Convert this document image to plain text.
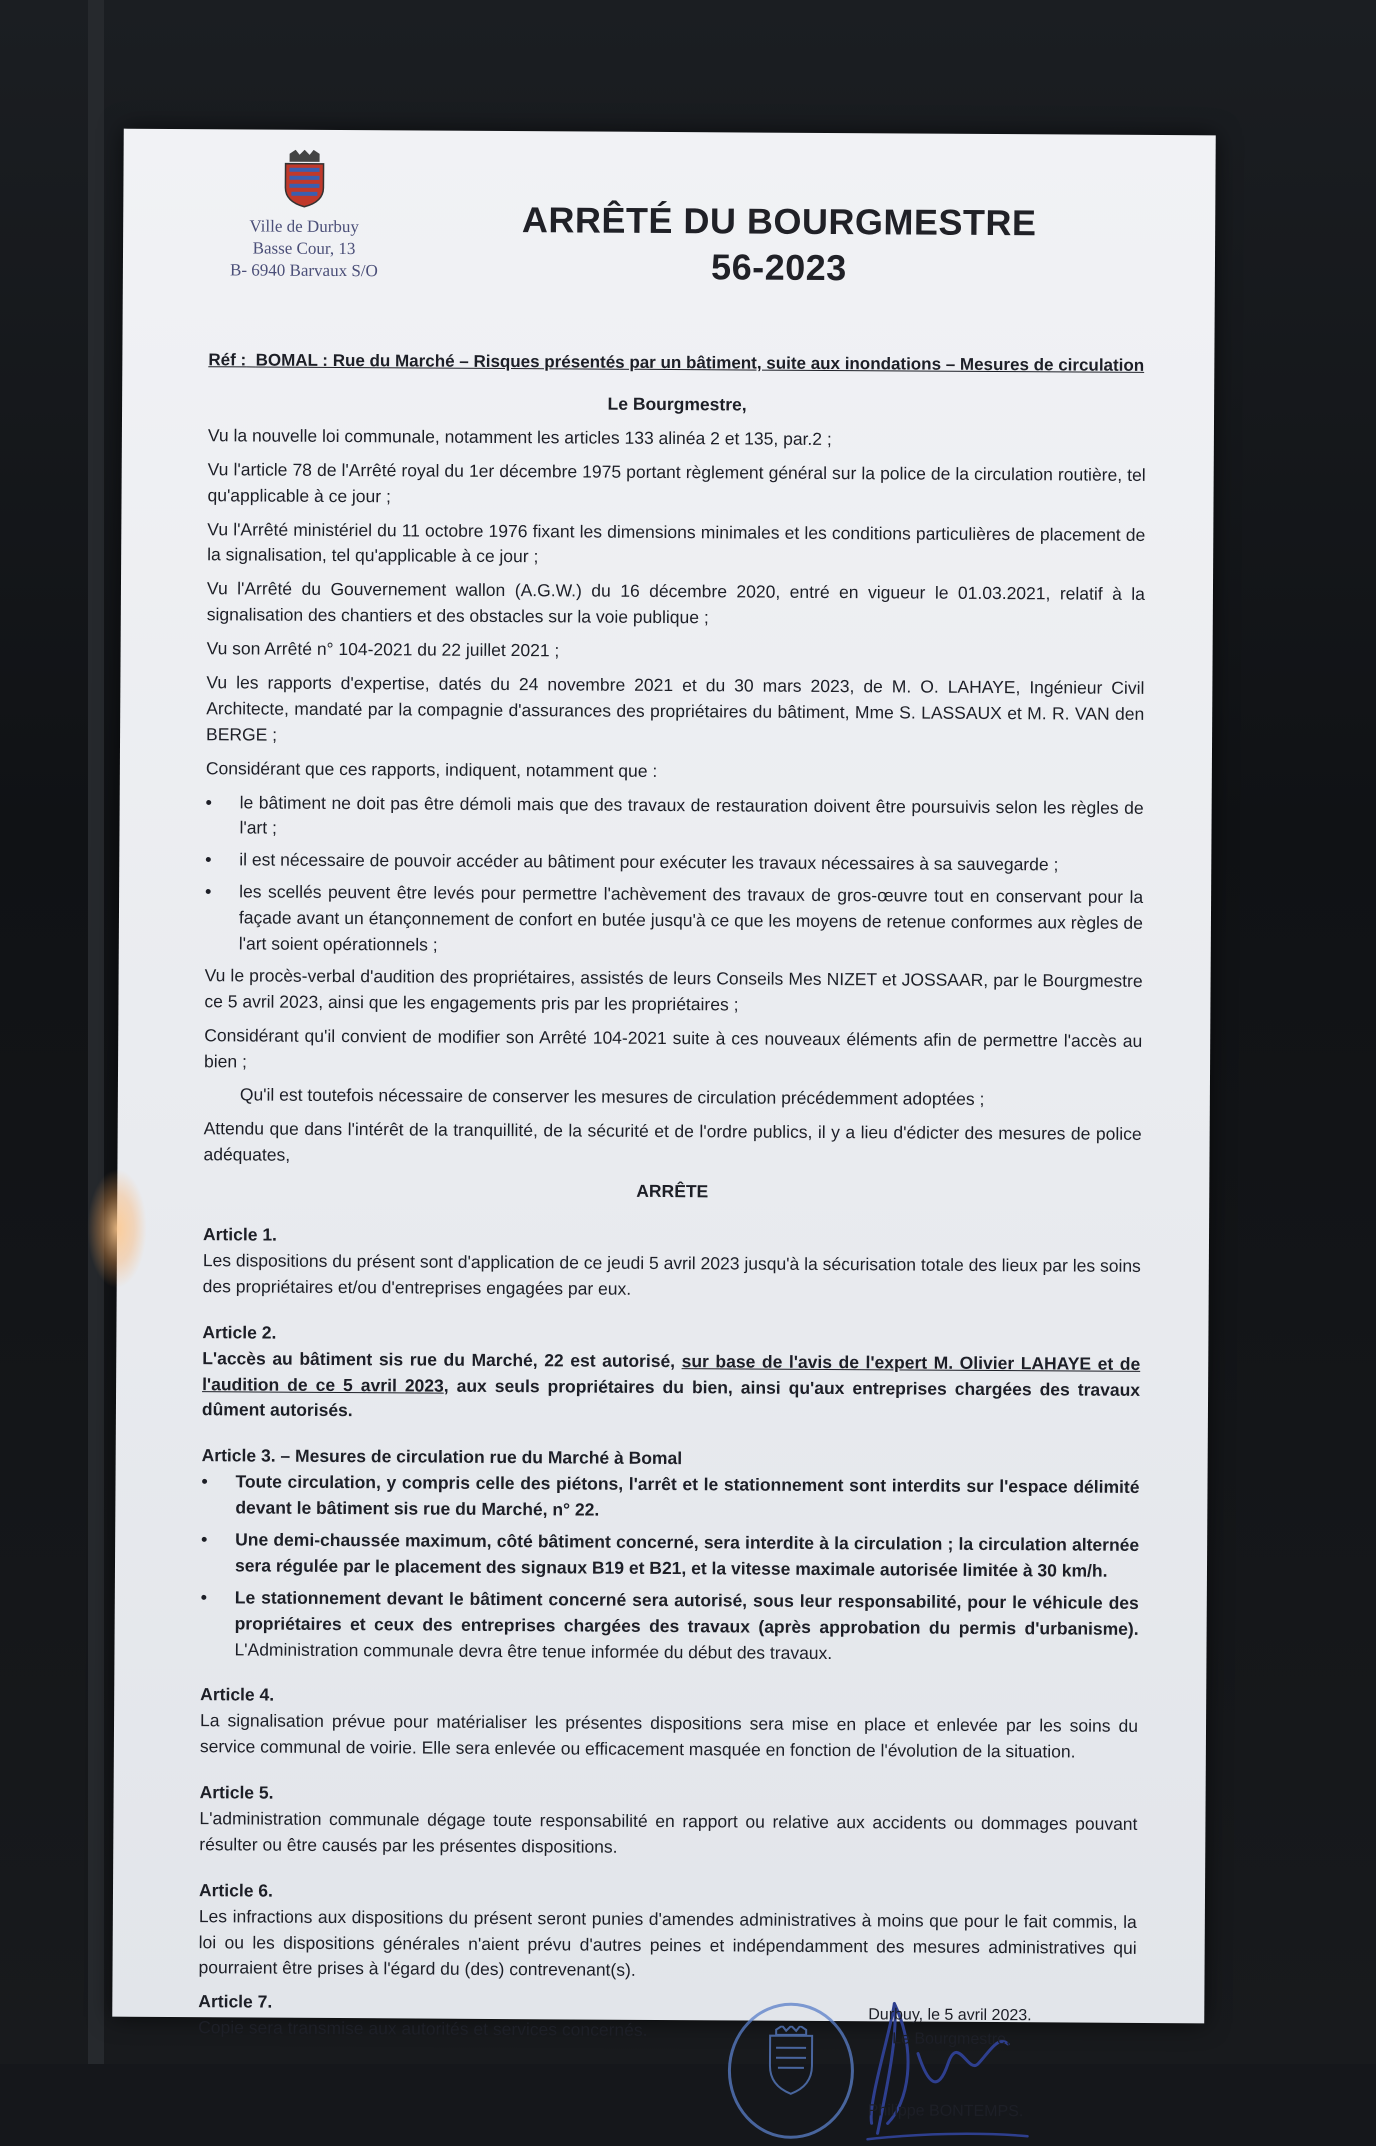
Ville de Durbuy
Basse Cour, 13
B- 6940 Barvaux S/O
ARRÊTÉ DU BOURGMESTRE
56-2023
Réf : BOMAL : Rue du Marché – Risques présentés par un bâtiment, suite aux inondations – Mesures de circulation
Le Bourgmestre,

Vu la nouvelle loi communale, notamment les articles 133 alinéa 2 et 135, par.2 ;

Vu l'article 78 de l'Arrêté royal du 1er décembre 1975 portant règlement général sur la police de la circulation routière, tel qu'applicable à ce jour ;

Vu l'Arrêté ministériel du 11 octobre 1976 fixant les dimensions minimales et les conditions particulières de placement de la signalisation, tel qu'applicable à ce jour ;

Vu l'Arrêté du Gouvernement wallon (A.G.W.) du 16 décembre 2020, entré en vigueur le 01.03.2021, relatif à la signalisation des chantiers et des obstacles sur la voie publique ;

Vu son Arrêté n° 104-2021 du 22 juillet 2021 ;

Vu les rapports d'expertise, datés du 24 novembre 2021 et du 30 mars 2023, de M. O. LAHAYE, Ingénieur Civil Architecte, mandaté par la compagnie d'assurances des propriétaires du bâtiment, Mme S. LASSAUX et M. R. VAN den BERGE ;

Considérant que ces rapports, indiquent, notamment que :

•	le bâtiment ne doit pas être démoli mais que des travaux de restauration doivent être poursuivis selon les règles de l'art ;
•	il est nécessaire de pouvoir accéder au bâtiment pour exécuter les travaux nécessaires à sa sauvegarde ;
•	les scellés peuvent être levés pour permettre l'achèvement des travaux de gros-œuvre tout en conservant pour la façade avant un étançonnement de confort en butée jusqu'à ce que les moyens de retenue conformes aux règles de l'art soient opérationnels ;

Vu le procès-verbal d'audition des propriétaires, assistés de leurs Conseils Mes NIZET et JOSSAAR, par le Bourgmestre ce 5 avril 2023, ainsi que les engagements pris par les propriétaires ;

Considérant qu'il convient de modifier son Arrêté 104-2021 suite à ces nouveaux éléments afin de permettre l'accès au bien ;

Qu'il est toutefois nécessaire de conserver les mesures de circulation précédemment adoptées ;

Attendu que dans l'intérêt de la tranquillité, de la sécurité et de l'ordre publics, il y a lieu d'édicter des mesures de police adéquates,

ARRÊTE
Article 1.

Les dispositions du présent sont d'application de ce jeudi 5 avril 2023 jusqu'à la sécurisation totale des lieux par les soins des propriétaires et/ou d'entreprises engagées par eux.

Article 2.

L'accès au bâtiment sis rue du Marché, 22 est autorisé, sur base de l'avis de l'expert M. Olivier LAHAYE et de l'audition de ce 5 avril 2023, aux seuls propriétaires du bien, ainsi qu'aux entreprises chargées des travaux dûment autorisés.

Article 3. – Mesures de circulation rue du Marché à Bomal
•	Toute circulation, y compris celle des piétons, l'arrêt et le stationnement sont interdits sur l'espace délimité devant le bâtiment sis rue du Marché, n° 22.
•	Une demi-chaussée maximum, côté bâtiment concerné, sera interdite à la circulation ; la circulation alternée sera régulée par le placement des signaux B19 et B21, et la vitesse maximale autorisée limitée à 30 km/h.
•	Le stationnement devant le bâtiment concerné sera autorisé, sous leur responsabilité, pour le véhicule des propriétaires et ceux des entreprises chargées des travaux (après approbation du permis d'urbanisme). L'Administration communale devra être tenue informée du début des travaux.
Article 4.

La signalisation prévue pour matérialiser les présentes dispositions sera mise en place et enlevée par les soins du service communal de voirie. Elle sera enlevée ou efficacement masquée en fonction de l'évolution de la situation.

Article 5.

L'administration communale dégage toute responsabilité en rapport ou relative aux accidents ou dommages pouvant résulter ou être causés par les présentes dispositions.

Article 6.

Les infractions aux dispositions du présent seront punies d'amendes administratives à moins que pour le fait commis, la loi ou les dispositions générales n'aient prévu d'autres peines et indépendamment des mesures administratives qui pourraient être prises à l'égard du (des) contrevenant(s).

Article 7.

Copie sera transmise aux autorités et services concernés.

Durbuy, le 5 avril 2023.
Le Bourgmestre,
Philippe BONTEMPS.
